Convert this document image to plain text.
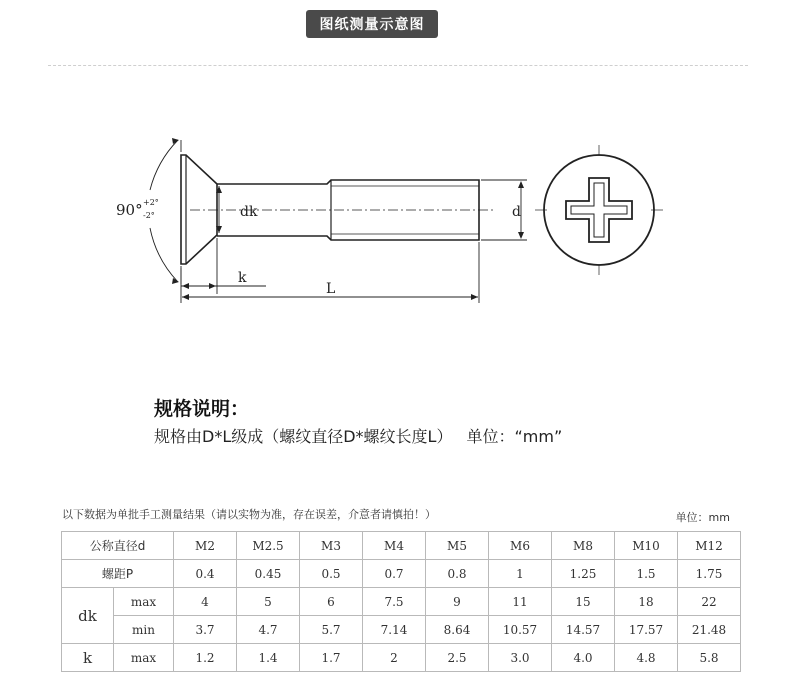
图纸测量示意图
90° +2°
-2°	dk	d
k
L
规格说明：
规格由D*L级成（螺纹直径D*螺纹长度L） 单位：“mm”
以下数据为单批手工测量结果（请以实物为准，存在误差，介意者请慎拍！）	单位：mm
公称直径d		M2	M2.5	M3	M4	M5	M6	M8	M10	M12
螺距P		0.4	0.45	0.5	0.7	0.8	1	1.25	1.5	1.75
dk	max	4	5	6	7.5	9	11	15	18	22
	min	3.7	4.7	5.7	7.14	8.64	10.57	14.57	17.57	21.48
k	max	1.2	1.4	1.7	2	2.5	3.0	4.0	4.8	5.8
